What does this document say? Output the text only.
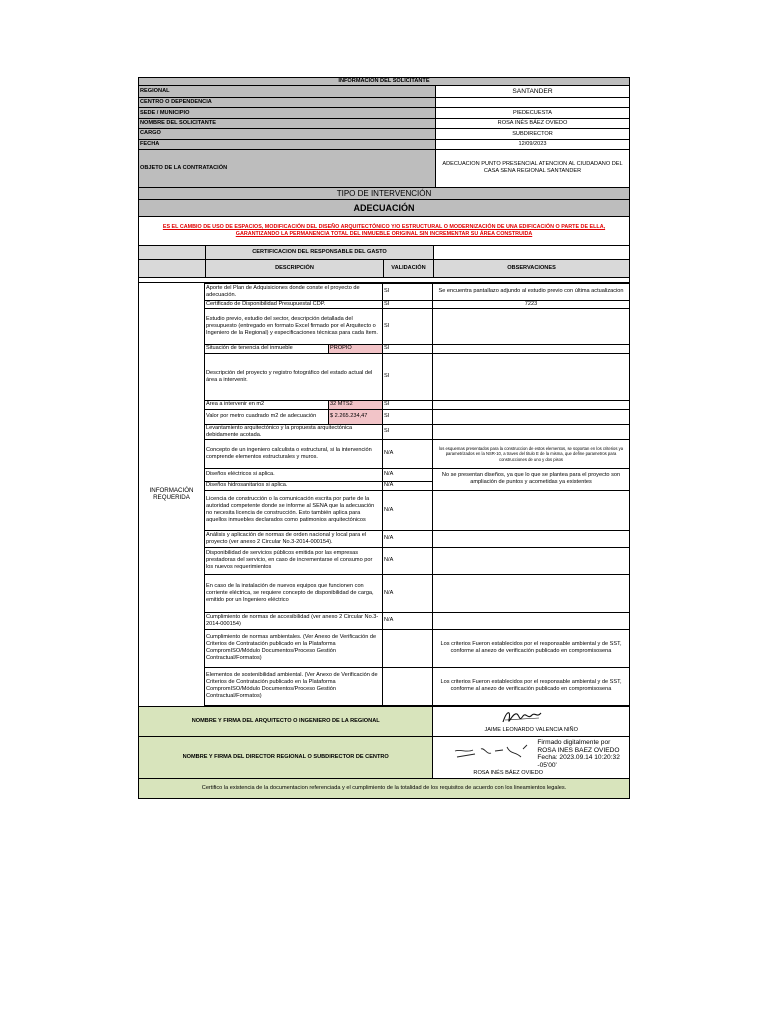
INFORMACION DEL SOLICITANTE
REGIONAL	SANTANDER
CENTRO O DEPENDENCIA
SEDE / MUNICIPIO	PIEDECUESTA
NOMBRE DEL SOLICITANTE	ROSA INÉS BÁEZ OVIEDO
CARGO	SUBDIRECTOR
FECHA	12/09/2023
OBJETO DE LA CONTRATACIÓN
ADECUACION PUNTO PRESENCIAL ATENCION AL CIUDADANO DEL CASA SENA REGIONAL SANTANDER
TIPO DE INTERVENCIÓN
ADECUACIÓN
ES EL CAMBIO DE USO DE ESPACIOS, MODIFICACIÓN DEL DISEÑO ARQUITECTÓNICO Y/O ESTRUCTURAL O MODERNIZACIÓN DE UNA EDIFICACIÓN O PARTE DE ELLA, GARANTIZANDO LA PERMANENCIA TOTAL DEL INMUEBLE ORIGINAL SIN INCREMENTAR SU ÁREA CONSTRUIDA
CERTIFICACION DEL RESPONSABLE DEL GASTO
DESCRIPCIÓN	VALIDACIÓN	OBSERVACIONES
INFORMACIÓN REQUERIDA
Aporte del Plan de Adquisiciones donde conste el proyecto de adecuación.		SI	Se encuentra pantallazo adjundo al estudio previo con última actualizacion
Certificado de Disponibilidad Presupuestal CDP.		SI	7223
Estudio previo, estudio del sector, descripción detallada del presupuesto (entregado en formato Excel firmado por el Arquitecto o Ingeniero de la Regional) y especificaciones técnicas para cada ítem.		SI	
Situación de tenencia del inmueble	PROPIO	SI	
Descripción del proyecto y registro fotográfico del estado actual del área a intervenir.		SI	
Área a intervenir en m2	32 MTS2	SI	
Valor por metro cuadrado m2 de adecuación	$ 2.265.234,47	SI	
Levantamiento arquitectónico y la propuesta arquitectónica debidamente acotada.		SI	
Concepto de un ingeniero calculista o estructural, si la intervención comprende elementos estructurales y muros.		N/A	los esquemas presentados para la construccion de estos elementos, se soportan en los criterios ya parametrizados en la NSR-10, a traves del titulo E de la misma, que define parametros para construcciones de uno y dos pisos
Diseños eléctricos si aplica.		N/A	No se presentan diseños, ya que lo que se plantea para el proyecto son ampliación de puntos y acometidas ya existentes
Diseños hidrosanitarios si aplica.		N/A	
Licencia de construcción o la comunicación escrita por parte de la autoridad competente donde se informe al SENA que la adecuación no necesita licencia de construcción. Esto también aplica para aquellos inmuebles declarados como patimonios arquitectónicos		N/A	
Análisis y aplicación de normas de orden nacional y local para el proyecto (ver anexo 2 Circular No.3-2014-000154).		N/A	
Disponibilidad de servicios públicos emitida por las empresas prestadoras del servicio, en caso de incrementarse el consumo por los nuevos requerimientos		N/A	
En caso de la instalación de nuevos equipos que funcionen con corriente eléctrica, se requiere concepto de disponibilidad de carga, emitido por un Ingeniero eléctrico		N/A	
Cumplimiento de normas de accesibilidad (ver anexo 2 Circular No.3-2014-000154)		N/A	
Cumplimiento de normas ambientales. (Ver Anexo de Verificación de Criterios de Contratación publicado en la Plataforma CompromISO/Módulo Documentos/Proceso Gestión Contractual/Formatos)			Los criterios Fueron establecidos por el responsable ambiental y de SST, conforme al anezo de verificación publicado en compromisosena
Elementos de sostenibilidad ambiental. (Ver Anexo de Verificación de Criterios de Contratación publicado en la Plataforma CompromISO/Módulo Documentos/Proceso Gestión Contractual/Formatos)			Los criterios Fueron establecidos por el responsable ambiental y de SST, conforme al anezo de verificación publicado en compromisosena
NOMBRE Y FIRMA DEL ARQUITECTO O INGENIERO DE LA REGIONAL
JAIME LEONARDO VALENCIA NIÑO
NOMBRE Y FIRMA DEL DIRECTOR REGIONAL O SUBDIRECTOR DE CENTRO
Firmado digitalmente por
ROSA INES BAEZ OVIEDO
Fecha: 2023.09.14 10:20:32
-05'00'
ROSA INÉS BÁEZ OVIEDO
Certifico la existencia de la documentacion referenciada y el cumplimiento de la totalidad de los requisitos de acuerdo con los lineamientos legales.
